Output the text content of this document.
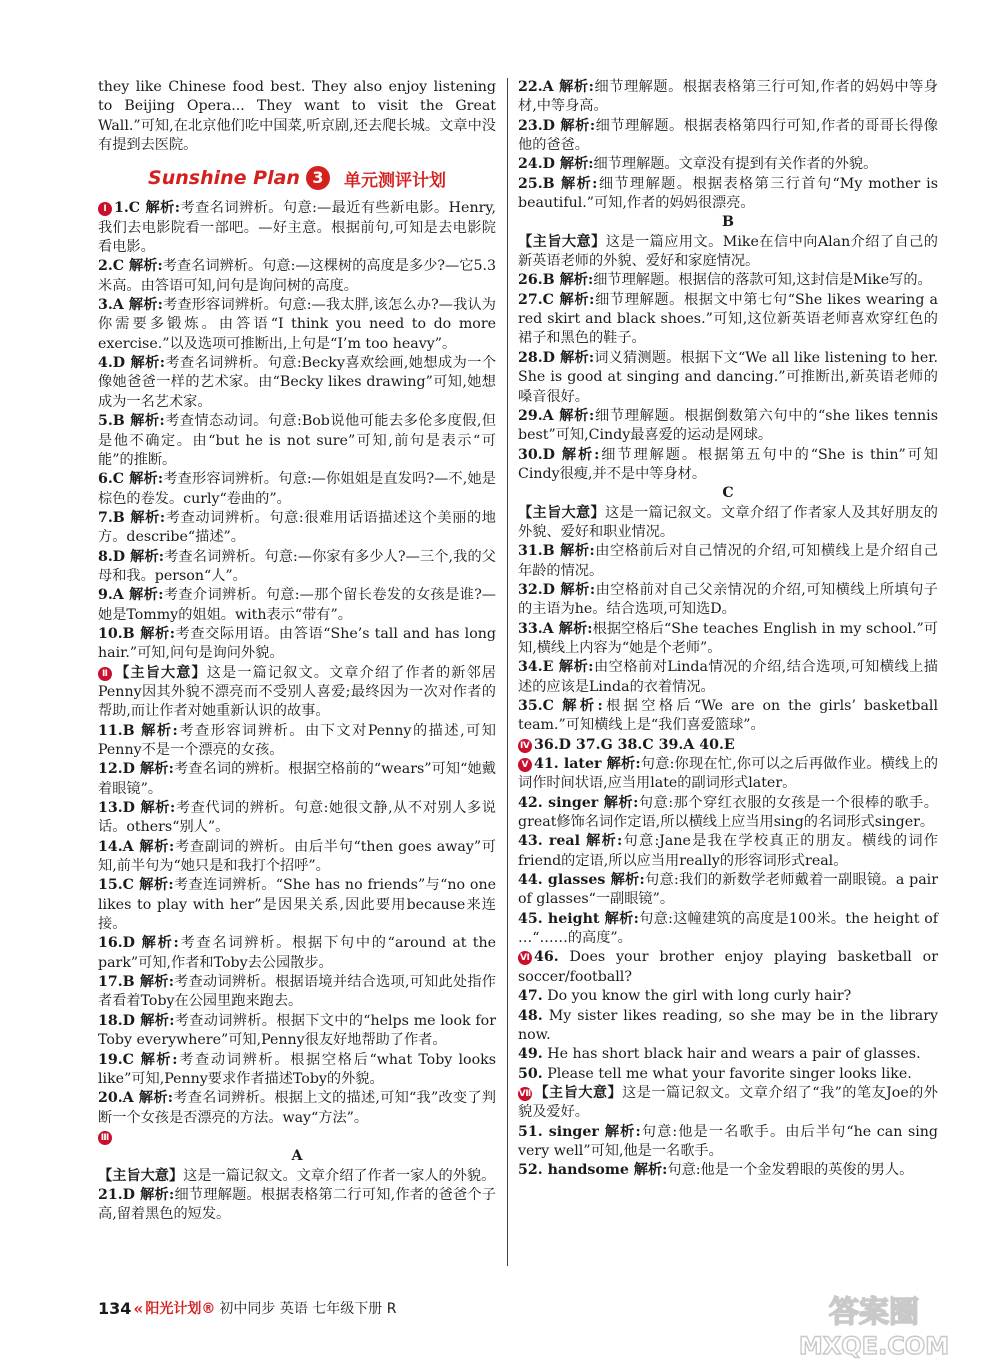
they like Chinese food best. They also enjoy listening to Beijing Opera... They want to visit the Great Wall.”可知,在北京他们吃中国菜,听京剧,还去爬长城。文章中没有提到去医院。

Sunshine Plan 3	单元测评计划

Ⅰ 1.C 解析:考查名词辨析。句意:—最近有些新电影。Henry,我们去电影院看一部吧。—好主意。根据前句,可知是去电影院看电影。

2.C 解析:考查名词辨析。句意:—这棵树的高度是多少?—它5.3米高。由答语可知,问句是询问树的高度。

3.A 解析:考查形容词辨析。句意:—我太胖,该怎么办?—我认为你需要多锻炼。由答语“I think you need to do more exercise.”以及选项可推断出,上句是“I’m too heavy”。

4.D 解析:考查名词辨析。句意:Becky喜欢绘画,她想成为一个像她爸爸一样的艺术家。由“Becky likes drawing”可知,她想成为一名艺术家。

5.B 解析:考查情态动词。句意:Bob说他可能去多伦多度假,但是他不确定。由“but he is not sure”可知,前句是表示“可能”的推断。

6.C 解析:考查形容词辨析。句意:—你姐姐是直发吗?—不,她是棕色的卷发。curly“卷曲的”。

7.B 解析:考查动词辨析。句意:很难用话语描述这个美丽的地方。describe“描述”。

8.D 解析:考查名词辨析。句意:—你家有多少人?—三个,我的父母和我。person“人”。

9.A 解析:考查介词辨析。句意:—那个留长卷发的女孩是谁?—她是Tommy的姐姐。with表示“带有”。

10.B 解析:考查交际用语。由答语“She’s tall and has long hair.”可知,问句是询问外貌。

Ⅱ 【主旨大意】这是一篇记叙文。文章介绍了作者的新邻居Penny因其外貌不漂亮而不受别人喜爱;最终因为一次对作者的帮助,而让作者对她重新认识的故事。

11.B 解析:考查形容词辨析。由下文对Penny的描述,可知Penny不是一个漂亮的女孩。

12.D 解析:考查名词的辨析。根据空格前的“wears”可知“她戴着眼镜”。

13.D 解析:考查代词的辨析。句意:她很文静,从不对别人多说话。others“别人”。

14.A 解析:考查副词的辨析。由后半句“then goes away”可知,前半句为“她只是和我打个招呼”。

15.C 解析:考查连词辨析。“She has no friends”与“no one likes to play with her”是因果关系,因此要用because来连接。

16.D 解析:考查名词辨析。根据下句中的“around at the park”可知,作者和Toby去公园散步。

17.B 解析:考查动词辨析。根据语境并结合选项,可知此处指作者看着Toby在公园里跑来跑去。

18.D 解析:考查动词辨析。根据下文中的“helps me look for Toby everywhere”可知,Penny很友好地帮助了作者。

19.C 解析:考查动词辨析。根据空格后“what Toby looks like”可知,Penny要求作者描述Toby的外貌。

20.A 解析:考查名词辨析。根据上文的描述,可知“我”改变了判断一个女孩是否漂亮的方法。way“方法”。

Ⅲ

A

【主旨大意】这是一篇记叙文。文章介绍了作者一家人的外貌。

21.D 解析:细节理解题。根据表格第二行可知,作者的爸爸个子高,留着黑色的短发。

22.A 解析:细节理解题。根据表格第三行可知,作者的妈妈中等身材,中等身高。

23.D 解析:细节理解题。根据表格第四行可知,作者的哥哥长得像他的爸爸。

24.D 解析:细节理解题。文章没有提到有关作者的外貌。

25.B 解析:细节理解题。根据表格第三行首句“My mother is beautiful.”可知,作者的妈妈很漂亮。

B

【主旨大意】这是一篇应用文。Mike在信中向Alan介绍了自己的新英语老师的外貌、爱好和家庭情况。

26.B 解析:细节理解题。根据信的落款可知,这封信是Mike写的。

27.C 解析:细节理解题。根据文中第七句“She likes wearing a red skirt and black shoes.”可知,这位新英语老师喜欢穿红色的裙子和黑色的鞋子。

28.D 解析:词义猜测题。根据下文“We all like listening to her. She is good at singing and dancing.”可推断出,新英语老师的嗓音很好。

29.A 解析:细节理解题。根据倒数第六句中的“she likes tennis best”可知,Cindy最喜爱的运动是网球。

30.D 解析:细节理解题。根据第五句中的“She is thin”可知Cindy很瘦,并不是中等身材。

C

【主旨大意】这是一篇记叙文。文章介绍了作者家人及其好朋友的外貌、爱好和职业情况。

31.B 解析:由空格前后对自己情况的介绍,可知横线上是介绍自己年龄的情况。

32.D 解析:由空格前对自己父亲情况的介绍,可知横线上所填句子的主语为he。结合选项,可知选D。

33.A 解析:根据空格后“She teaches English in my school.”可知,横线上内容为“她是个老师”。

34.E 解析:由空格前对Linda情况的介绍,结合选项,可知横线上描述的应该是Linda的衣着情况。

35.C 解析:根据空格后“We are on the girls’ basketball team.”可知横线上是“我们喜爱篮球”。

Ⅳ 36.D 37.G 38.C 39.A 40.E

Ⅴ 41. later 解析:句意:你现在忙,你可以之后再做作业。横线上的词作时间状语,应当用late的副词形式later。

42. singer 解析:句意:那个穿红衣服的女孩是一个很棒的歌手。great修饰名词作定语,所以横线上应当用sing的名词形式singer。

43. real 解析:句意:Jane是我在学校真正的朋友。横线的词作friend的定语,所以应当用really的形容词形式real。

44. glasses 解析:句意:我们的新数学老师戴着一副眼镜。a pair of glasses“一副眼镜”。

45. height 解析:句意:这幢建筑的高度是100米。the height of …“……的高度”。

Ⅵ 46. Does your brother enjoy playing basketball or soccer/football?

47. Do you know the girl with long curly hair?

48. My sister likes reading, so she may be in the library now.

49. He has short black hair and wears a pair of glasses.

50. Please tell me what your favorite singer looks like.

Ⅶ 【主旨大意】这是一篇记叙文。文章介绍了“我”的笔友Joe的外貌及爱好。

51. singer 解析:句意:他是一名歌手。由后半句“he can sing very well”可知,他是一名歌手。

52. handsome 解析:句意:他是一个金发碧眼的英俊的男人。

134 « 阳光计划® 初中同步 英语 七年级下册 R	答案圈
MXQE.COM
